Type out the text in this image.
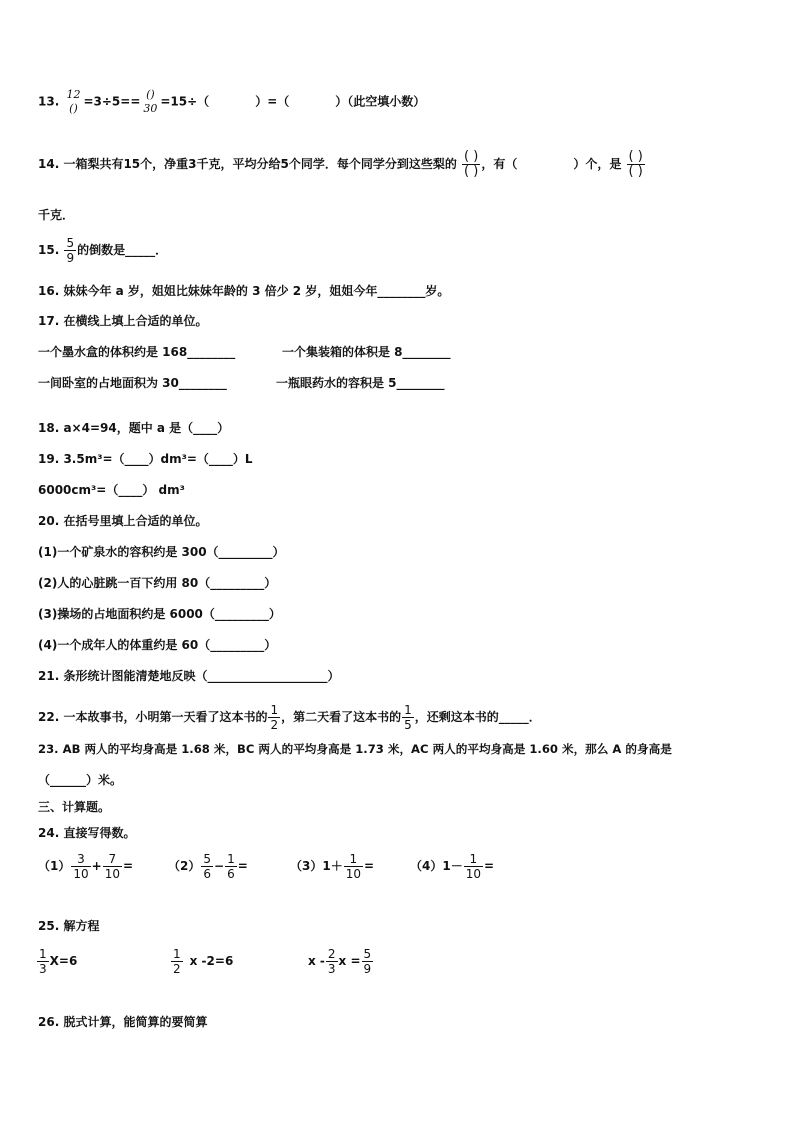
13. 12
() =3÷5== ()
30 =15÷（	）=（	）（此空填小数）
14. 一箱梨共有15个，净重3千克，平均分给5个同学．每个同学分到这些梨的 ( )
( ) ，有（	）个，是 ( )
( )
千克．
15. $\frac{5}{9}$ 的倒数是_____．
16. 妹妹今年 a 岁，姐姐比妹妹年龄的 3 倍少 2 岁，姐姐今年________岁。
17. 在横线上填上合适的单位。
一个墨水盒的体积约是 168________	一个集装箱的体积是 8________
一间卧室的占地面积为 30________	一瓶眼药水的容积是 5________
18. a×4=94，题中 a 是（____）
19. 3.5m³=（____）dm³=（____）L
6000cm³=（____） dm³
20. 在括号里填上合适的单位。
(1)一个矿泉水的容积约是 300（_________）
(2)人的心脏跳一百下约用 80（_________）
(3)操场的占地面积约是 6000（_________）
(4)一个成年人的体重约是 60（_________）
21. 条形统计图能清楚地反映（____________________）
22. 一本故事书，小明第一天看了这本书的 $\frac{1}{2}$ ，第二天看了这本书的 $\frac{1}{5}$ ，还剩这本书的_____．
23. AB 两人的平均身高是 1.68 米，BC 两人的平均身高是 1.73 米，AC 两人的平均身高是 1.60 米，那么 A 的身高是
（______）米。
三、计算题。
24. 直接写得数。
$(1) \frac{3}{10} + \frac{7}{10}$ =	$(2) \frac{5}{6} - \frac{1}{6}$ =	$(3)1+ \frac{1}{10}$ =	$(4)1- \frac{1}{10}$ =
25. 解方程
$\frac{1}{3} X=6$	$\frac{1}{2}$ x -2=6	x - $\frac{2}{3}$ $x = \frac{5}{9}$
26. 脱式计算，能简算的要简算
